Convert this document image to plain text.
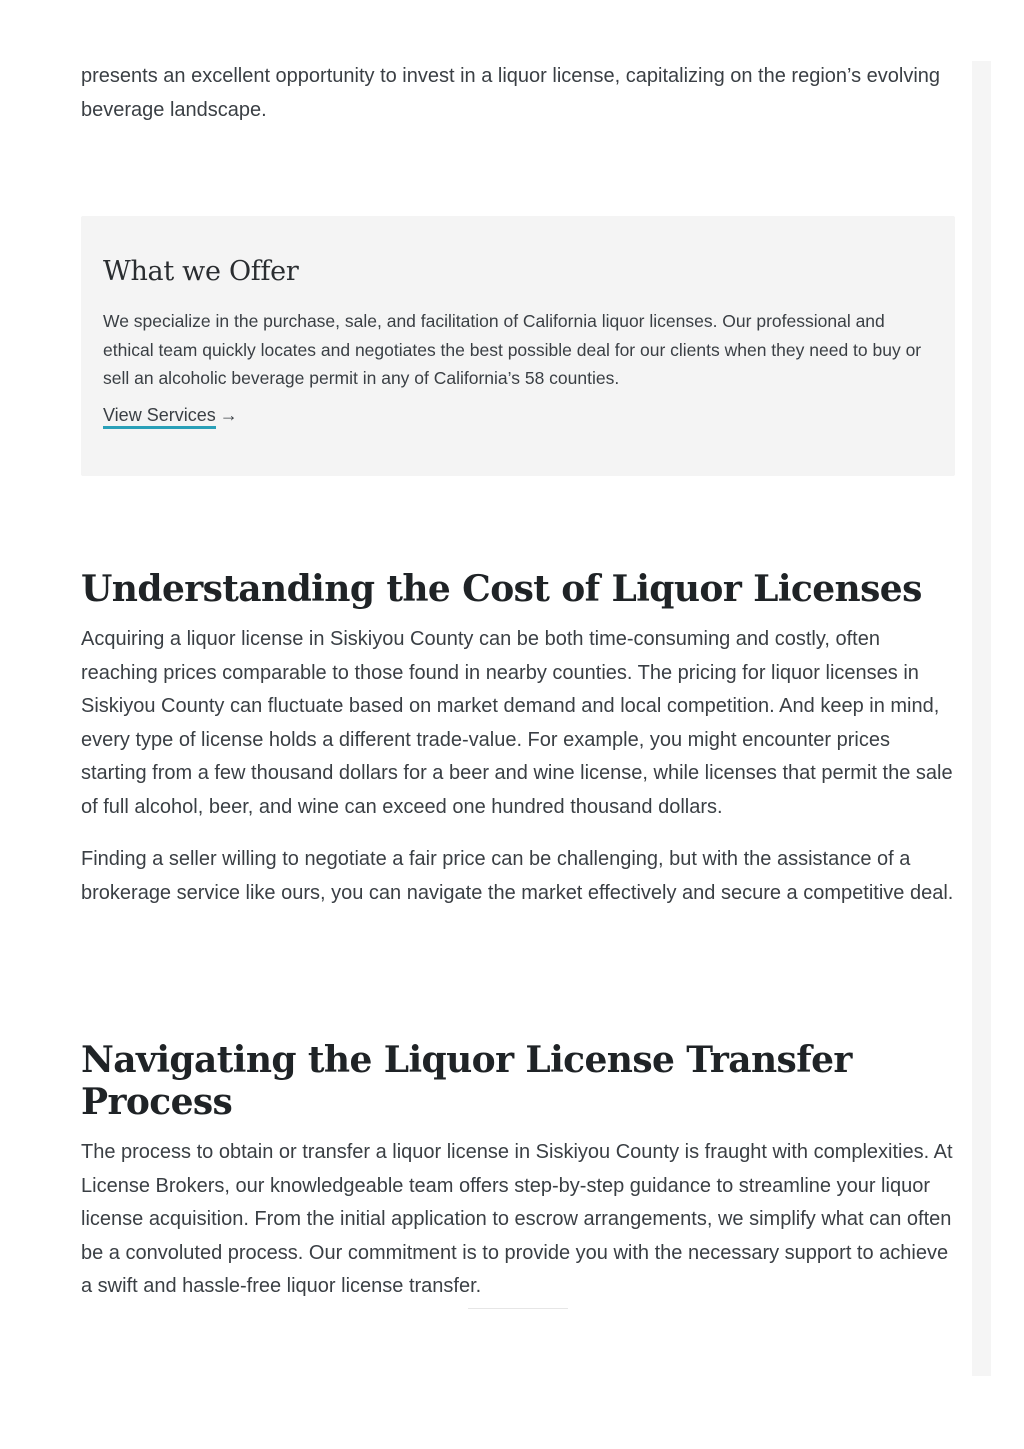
presents an excellent opportunity to invest in a liquor license, capitalizing on the region’s evolving beverage landscape.

What we Offer

We specialize in the purchase, sale, and facilitation of California liquor licenses. Our professional and ethical team quickly locates and negotiates the best possible deal for our clients when they need to buy or sell an alcoholic beverage permit in any of California’s 58 counties.

View Services →
Understanding the Cost of Liquor Licenses

Acquiring a liquor license in Siskiyou County can be both time-consuming and costly, often reaching prices comparable to those found in nearby counties. The pricing for liquor licenses in Siskiyou County can fluctuate based on market demand and local competition. And keep in mind, every type of license holds a different trade-value. For example, you might encounter prices starting from a few thousand dollars for a beer and wine license, while licenses that permit the sale of full alcohol, beer, and wine can exceed one hundred thousand dollars.

Finding a seller willing to negotiate a fair price can be challenging, but with the assistance of a brokerage service like ours, you can navigate the market effectively and secure a competitive deal.

Navigating the Liquor License Transfer Process

The process to obtain or transfer a liquor license in Siskiyou County is fraught with complexities. At License Brokers, our knowledgeable team offers step-by-step guidance to streamline your liquor license acquisition. From the initial application to escrow arrangements, we simplify what can often be a convoluted process. Our commitment is to provide you with the necessary support to achieve a swift and hassle-free liquor license transfer.
